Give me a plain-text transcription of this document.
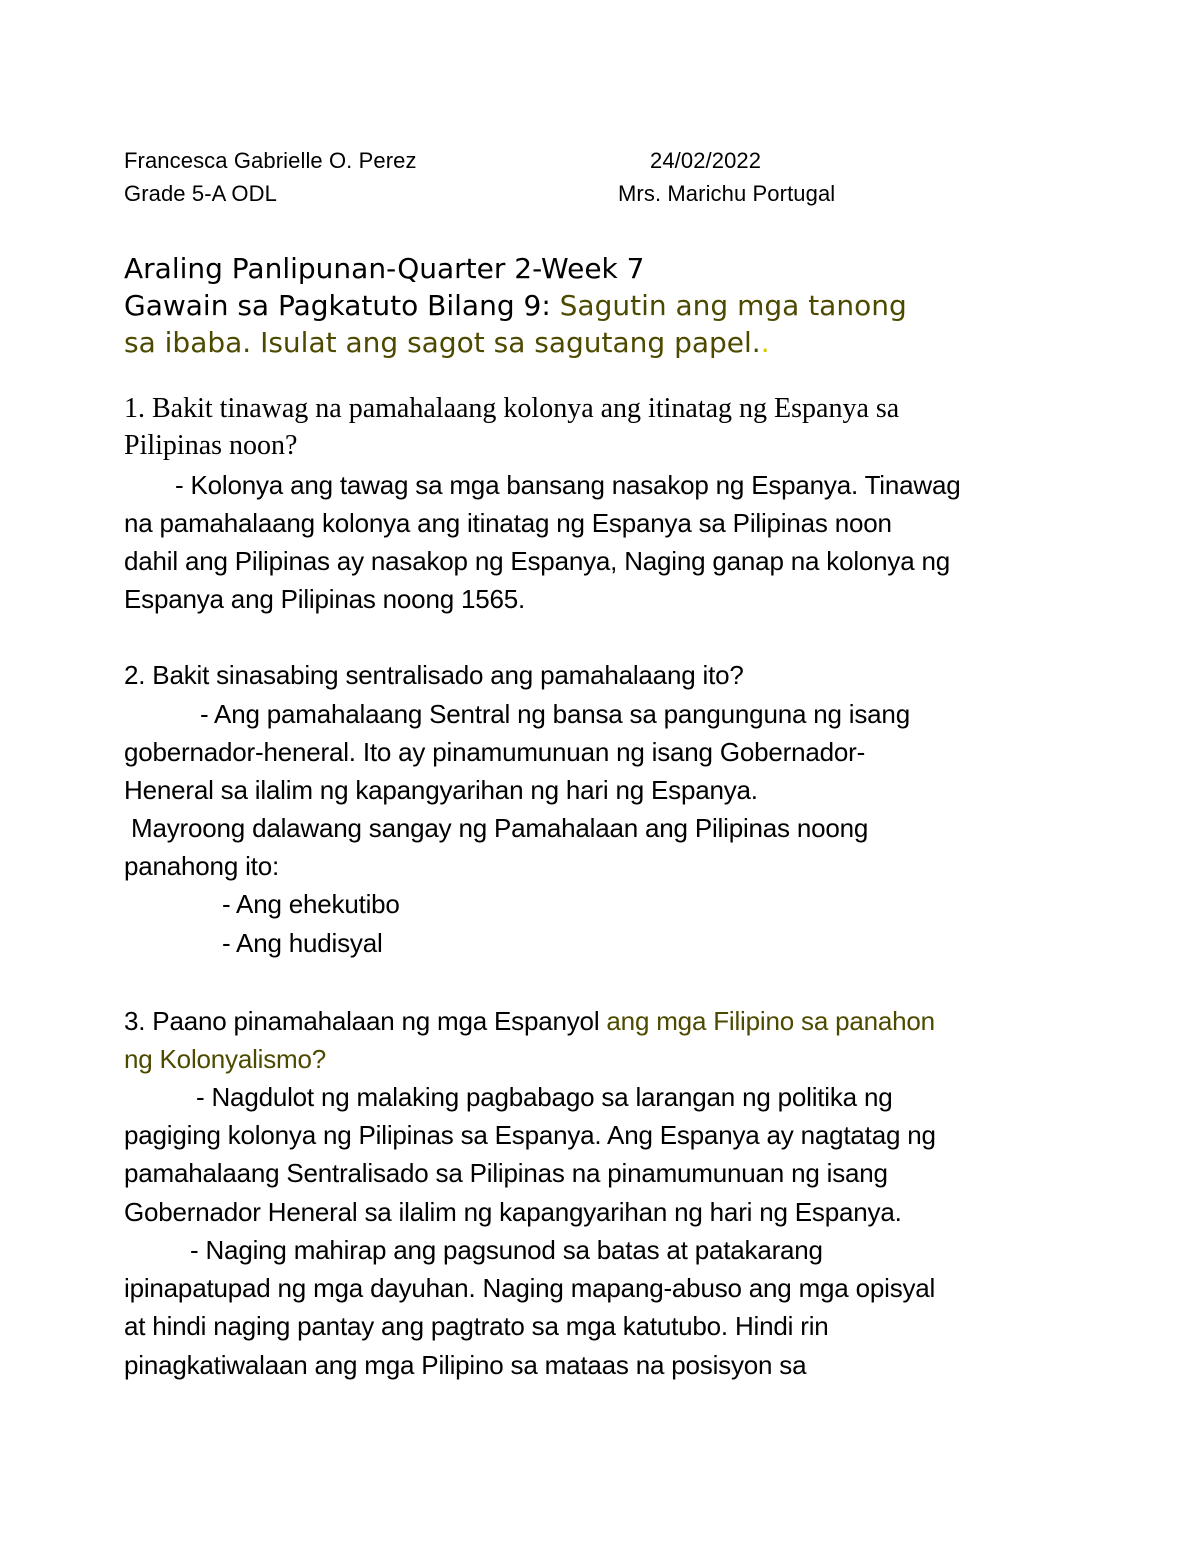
Francesca Gabrielle O. Perez	24/02/2022
Grade 5-A ODL	Mrs. Marichu Portugal
Araling Panlipunan-Quarter 2-Week 7
Gawain sa Pagkatuto Bilang 9: Sagutin ang mga tanong
sa ibaba. Isulat ang sagot sa sagutang papel..
1. Bakit tinawag na pamahalaang kolonya ang itinatag ng Espanya sa
Pilipinas noon?
- Kolonya ang tawag sa mga bansang nasakop ng Espanya. Tinawag
na pamahalaang kolonya ang itinatag ng Espanya sa Pilipinas noon
dahil ang Pilipinas ay nasakop ng Espanya, Naging ganap na kolonya ng
Espanya ang Pilipinas noong 1565.
2. Bakit sinasabing sentralisado ang pamahalaang ito?
- Ang pamahalaang Sentral ng bansa sa pangunguna ng isang
gobernador-heneral. Ito ay pinamumunuan ng isang Gobernador-
Heneral sa ilalim ng kapangyarihan ng hari ng Espanya.
Mayroong dalawang sangay ng Pamahalaan ang Pilipinas noong
panahong ito:
- Ang ehekutibo
- Ang hudisyal
3. Paano pinamahalaan ng mga Espanyol ang mga Filipino sa panahon
ng Kolonyalismo?
- Nagdulot ng malaking pagbabago sa larangan ng politika ng
pagiging kolonya ng Pilipinas sa Espanya. Ang Espanya ay nagtatag ng
pamahalaang Sentralisado sa Pilipinas na pinamumunuan ng isang
Gobernador Heneral sa ilalim ng kapangyarihan ng hari ng Espanya.
- Naging mahirap ang pagsunod sa batas at patakarang
ipinapatupad ng mga dayuhan. Naging mapang-abuso ang mga opisyal
at hindi naging pantay ang pagtrato sa mga katutubo. Hindi rin
pinagkatiwalaan ang mga Pilipino sa mataas na posisyon sa
